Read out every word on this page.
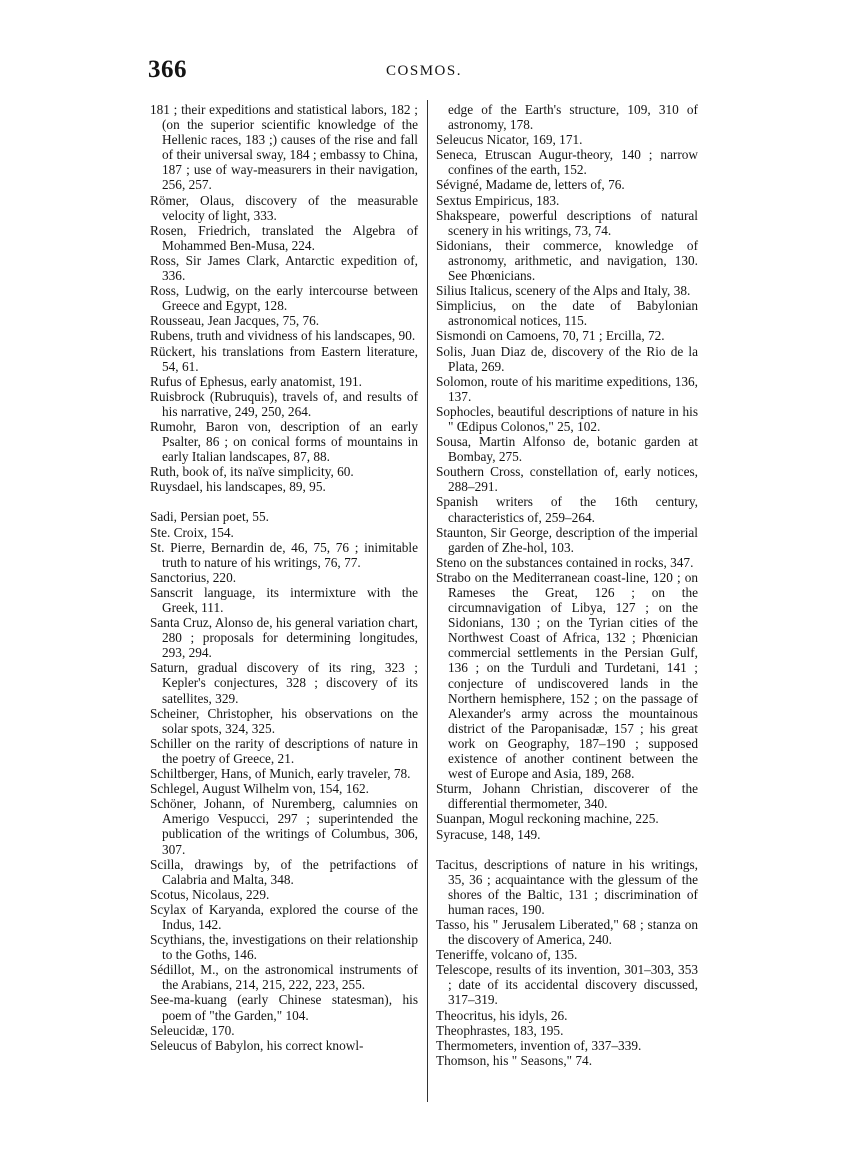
366	COSMOS.
181 ; their expeditions and statistical labors, 182 ; (on the superior scientific knowledge of the Hellenic races, 183 ;) causes of the rise and fall of their universal sway, 184 ; embassy to China, 187 ; use of way-measurers in their navigation, 256, 257.
Römer, Olaus, discovery of the measurable velocity of light, 333.
Rosen, Friedrich, translated the Algebra of Mohammed Ben-Musa, 224.
Ross, Sir James Clark, Antarctic expedition of, 336.
Ross, Ludwig, on the early intercourse between Greece and Egypt, 128.
Rousseau, Jean Jacques, 75, 76.
Rubens, truth and vividness of his landscapes, 90.
Rückert, his translations from Eastern literature, 54, 61.
Rufus of Ephesus, early anatomist, 191.
Ruisbrock (Rubruquis), travels of, and results of his narrative, 249, 250, 264.
Rumohr, Baron von, description of an early Psalter, 86 ; on conical forms of mountains in early Italian landscapes, 87, 88.
Ruth, book of, its naïve simplicity, 60.
Ruysdael, his landscapes, 89, 95.
Sadi, Persian poet, 55.
Ste. Croix, 154.
St. Pierre, Bernardin de, 46, 75, 76 ; inimitable truth to nature of his writings, 76, 77.
Sanctorius, 220.
Sanscrit language, its intermixture with the Greek, 111.
Santa Cruz, Alonso de, his general variation chart, 280 ; proposals for determining longitudes, 293, 294.
Saturn, gradual discovery of its ring, 323 ; Kepler's conjectures, 328 ; discovery of its satellites, 329.
Scheiner, Christopher, his observations on the solar spots, 324, 325.
Schiller on the rarity of descriptions of nature in the poetry of Greece, 21.
Schiltberger, Hans, of Munich, early traveler, 78.
Schlegel, August Wilhelm von, 154, 162.
Schöner, Johann, of Nuremberg, calumnies on Amerigo Vespucci, 297 ; superintended the publication of the writings of Columbus, 306, 307.
Scilla, drawings by, of the petrifactions of Calabria and Malta, 348.
Scotus, Nicolaus, 229.
Scylax of Karyanda, explored the course of the Indus, 142.
Scythians, the, investigations on their relationship to the Goths, 146.
Sédillot, M., on the astronomical instruments of the Arabians, 214, 215, 222, 223, 255.
See-ma-kuang (early Chinese statesman), his poem of "the Garden," 104.
Seleucidæ, 170.
Seleucus of Babylon, his correct knowl-
edge of the Earth's structure, 109, 310 of astronomy, 178.
Seleucus Nicator, 169, 171.
Seneca, Etruscan Augur-theory, 140 ; narrow confines of the earth, 152.
Sévigné, Madame de, letters of, 76.
Sextus Empiricus, 183.
Shakspeare, powerful descriptions of natural scenery in his writings, 73, 74.
Sidonians, their commerce, knowledge of astronomy, arithmetic, and navigation, 130. See Phœnicians.
Silius Italicus, scenery of the Alps and Italy, 38.
Simplicius, on the date of Babylonian astronomical notices, 115.
Sismondi on Camoens, 70, 71 ; Ercilla, 72.
Solis, Juan Diaz de, discovery of the Rio de la Plata, 269.
Solomon, route of his maritime expeditions, 136, 137.
Sophocles, beautiful descriptions of nature in his " Œdipus Colonos," 25, 102.
Sousa, Martin Alfonso de, botanic garden at Bombay, 275.
Southern Cross, constellation of, early notices, 288–291.
Spanish writers of the 16th century, characteristics of, 259–264.
Staunton, Sir George, description of the imperial garden of Zhe-hol, 103.
Steno on the substances contained in rocks, 347.
Strabo on the Mediterranean coast-line, 120 ; on Rameses the Great, 126 ; on the circumnavigation of Libya, 127 ; on the Sidonians, 130 ; on the Tyrian cities of the Northwest Coast of Africa, 132 ; Phœnician commercial settlements in the Persian Gulf, 136 ; on the Turduli and Turdetani, 141 ; conjecture of undiscovered lands in the Northern hemisphere, 152 ; on the passage of Alexander's army across the mountainous district of the Paropanisadæ, 157 ; his great work on Geography, 187–190 ; supposed existence of another continent between the west of Europe and Asia, 189, 268.
Sturm, Johann Christian, discoverer of the differential thermometer, 340.
Suanpan, Mogul reckoning machine, 225.
Syracuse, 148, 149.
Tacitus, descriptions of nature in his writings, 35, 36 ; acquaintance with the glessum of the shores of the Baltic, 131 ; discrimination of human races, 190.
Tasso, his " Jerusalem Liberated," 68 ; stanza on the discovery of America, 240.
Teneriffe, volcano of, 135.
Telescope, results of its invention, 301–303, 353 ; date of its accidental discovery discussed, 317–319.
Theocritus, his idyls, 26.
Theophrastes, 183, 195.
Thermometers, invention of, 337–339.
Thomson, his " Seasons," 74.
